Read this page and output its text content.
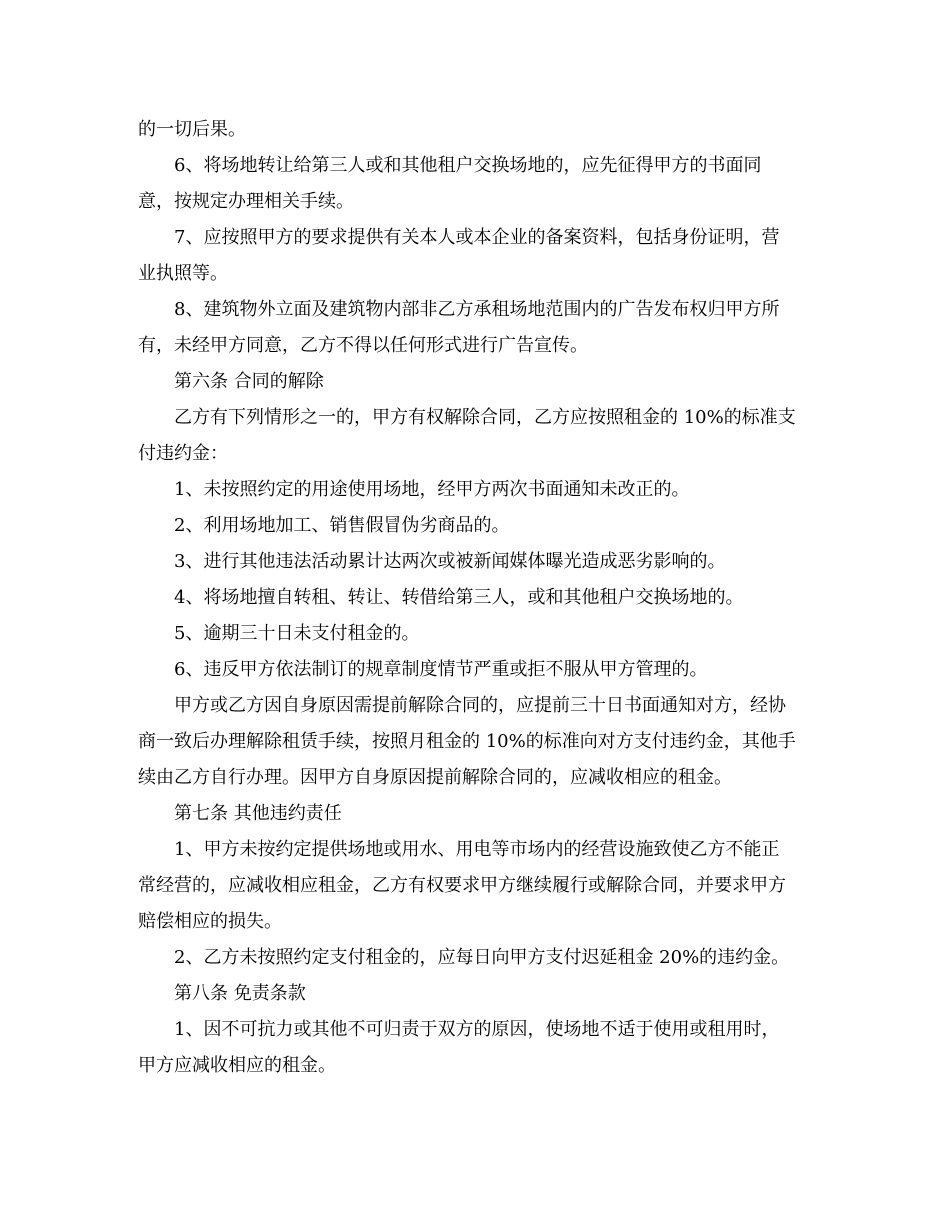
的一切后果。

6、将场地转让给第三人或和其他租户交换场地的，应先征得甲方的书面同

意，按规定办理相关手续。

7、应按照甲方的要求提供有关本人或本企业的备案资料，包括身份证明，营

业执照等。

8、建筑物外立面及建筑物内部非乙方承租场地范围内的广告发布权归甲方所

有，未经甲方同意，乙方不得以任何形式进行广告宣传。

第六条 合同的解除

乙方有下列情形之一的，甲方有权解除合同，乙方应按照租金的 10%的标准支

付违约金：

1、未按照约定的用途使用场地，经甲方两次书面通知未改正的。

2、利用场地加工、销售假冒伪劣商品的。

3、进行其他违法活动累计达两次或被新闻媒体曝光造成恶劣影响的。

4、将场地擅自转租、转让、转借给第三人，或和其他租户交换场地的。

5、逾期三十日未支付租金的。

6、违反甲方依法制订的规章制度情节严重或拒不服从甲方管理的。

甲方或乙方因自身原因需提前解除合同的，应提前三十日书面通知对方，经协

商一致后办理解除租赁手续，按照月租金的 10%的标准向对方支付违约金，其他手

续由乙方自行办理。因甲方自身原因提前解除合同的，应减收相应的租金。

第七条 其他违约责任

1、甲方未按约定提供场地或用水、用电等市场内的经营设施致使乙方不能正

常经营的，应减收相应租金，乙方有权要求甲方继续履行或解除合同，并要求甲方

赔偿相应的损失。

2、乙方未按照约定支付租金的，应每日向甲方支付迟延租金 20%的违约金。

第八条 免责条款

1、因不可抗力或其他不可归责于双方的原因，使场地不适于使用或租用时，

甲方应减收相应的租金。
